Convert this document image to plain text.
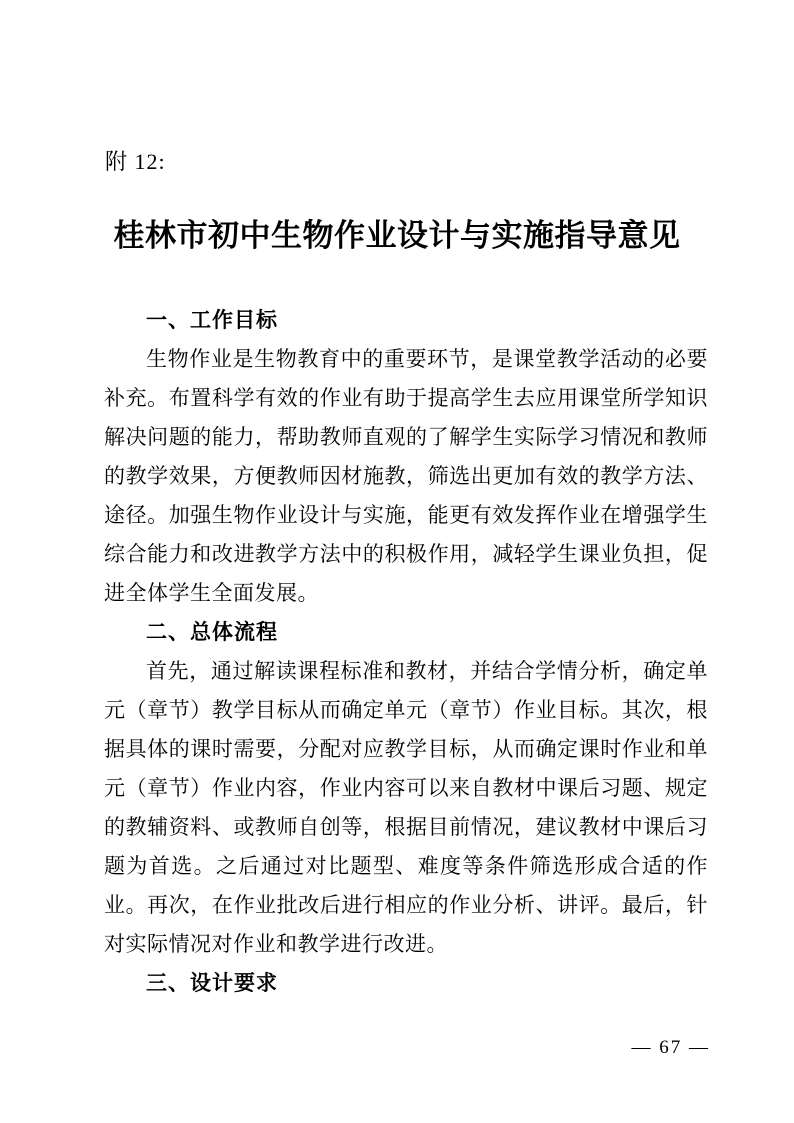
附 12:
桂林市初中生物作业设计与实施指导意见
一、工作目标

生物作业是生物教育中的重要环节，是课堂教学活动的必要补充。布置科学有效的作业有助于提高学生去应用课堂所学知识解决问题的能力，帮助教师直观的了解学生实际学习情况和教师的教学效果，方便教师因材施教，筛选出更加有效的教学方法、途径。加强生物作业设计与实施，能更有效发挥作业在增强学生综合能力和改进教学方法中的积极作用，减轻学生课业负担，促进全体学生全面发展。

二、总体流程

首先，通过解读课程标准和教材，并结合学情分析，确定单元（章节）教学目标从而确定单元（章节）作业目标。其次，根据具体的课时需要，分配对应教学目标，从而确定课时作业和单元（章节）作业内容，作业内容可以来自教材中课后习题、规定的教辅资料、或教师自创等，根据目前情况，建议教材中课后习题为首选。之后通过对比题型、难度等条件筛选形成合适的作业。再次，在作业批改后进行相应的作业分析、讲评。最后，针对实际情况对作业和教学进行改进。

三、设计要求
— 67 —
